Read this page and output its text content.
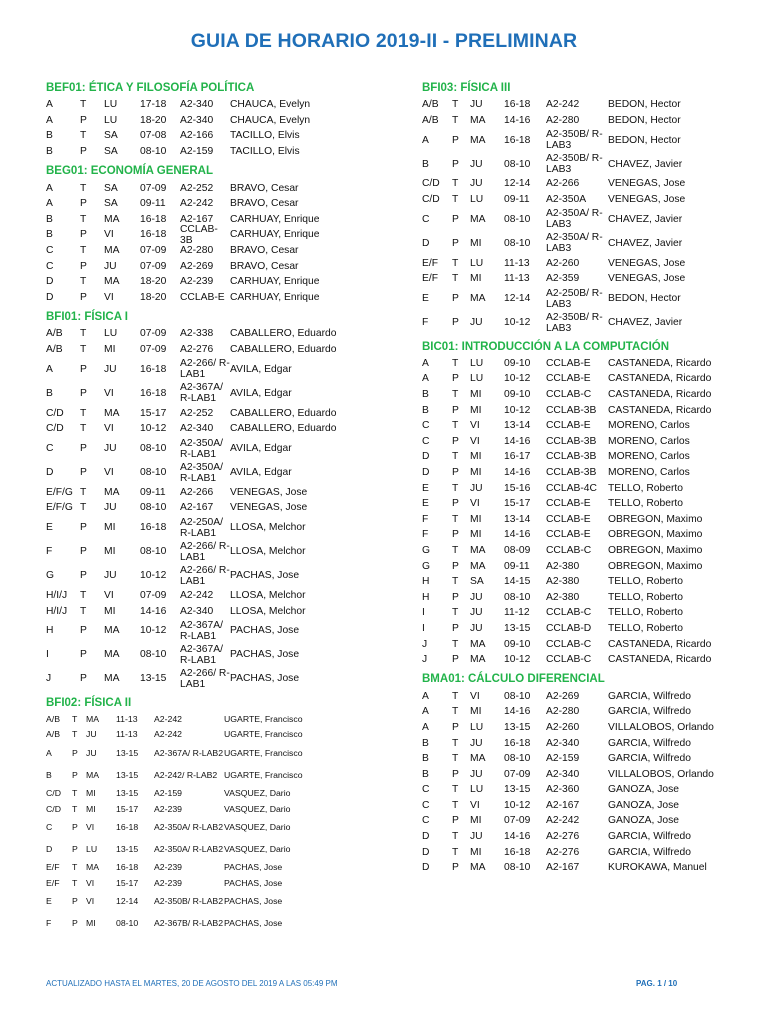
GUIA DE HORARIO 2019-II - PRELIMINAR
BEF01: ÉTICA Y FILOSOFÍA POLÍTICA
A	T	LU	17-18	A2-340	CHAUCA, Evelyn
A	P	LU	18-20	A2-340	CHAUCA, Evelyn
B	T	SA	07-08	A2-166	TACILLO, Elvis
B	P	SA	08-10	A2-159	TACILLO, Elvis
BEG01: ECONOMÍA GENERAL
A	T	SA	07-09	A2-252	BRAVO, Cesar
A	P	SA	09-11	A2-242	BRAVO, Cesar
B	T	MA	16-18	A2-167	CARHUAY, Enrique
B	P	VI	16-18	CCLAB-3B	CARHUAY, Enrique
C	T	MA	07-09	A2-280	BRAVO, Cesar
C	P	JU	07-09	A2-269	BRAVO, Cesar
D	T	MA	18-20	A2-239	CARHUAY, Enrique
D	P	VI	18-20	CCLAB-E CARHUAY, Enrique
BFI01: FÍSICA I
A/B	T	LU	07-09	A2-338	CABALLERO, Eduardo
A/B	T	MI	07-09	A2-276	CABALLERO, Eduardo
A	P	JU	16-18	A2-266/ R-LAB1	AVILA, Edgar
B	P	VI	16-18	A2-367A/ R-LAB1	AVILA, Edgar
C/D	T	MA	15-17	A2-252	CABALLERO, Eduardo
C/D	T	VI	10-12	A2-340	CABALLERO, Eduardo
C	P	JU	08-10	A2-350A/ R-LAB1	AVILA, Edgar
D	P	VI	08-10	A2-350A/ R-LAB1	AVILA, Edgar
E/F/G T	MA	09-11	A2-266	VENEGAS, Jose
E/F/G T	JU	08-10	A2-167	VENEGAS, Jose
E	P	MI	16-18	A2-250A/ R-LAB1	LLOSA, Melchor
F	P	MI	08-10	A2-266/ R-LAB1	LLOSA, Melchor
G	P	JU	10-12	A2-266/ R-LAB1	PACHAS, Jose
H/I/J	T	VI	07-09	A2-242	LLOSA, Melchor
H/I/J	T	MI	14-16	A2-340	LLOSA, Melchor
H	P	MA	10-12	A2-367A/ R-LAB1	PACHAS, Jose
I	P	MA	08-10	A2-367A/ R-LAB1	PACHAS, Jose
J	P	MA	13-15	A2-266/ R-LAB1	PACHAS, Jose
BFI02: FÍSICA II
A/B	T MA	11-13	A2-242	UGARTE, Francisco
A/B	T JU	11-13	A2-242	UGARTE, Francisco
A	P JU	13-15	A2-367A/ R-LAB2 UGARTE, Francisco
B	P MA	13-15	A2-242/ R-LAB2 UGARTE, Francisco
C/D	T MI	13-15	A2-159	VASQUEZ, Dario
C/D	T MI	15-17	A2-239	VASQUEZ, Dario
C	P VI	16-18	A2-350A/ R-LAB2 VASQUEZ, Dario
D	P LU	13-15	A2-350A/ R-LAB2 VASQUEZ, Dario
E/F	T MA	16-18	A2-239	PACHAS, Jose
E/F	T VI	15-17	A2-239	PACHAS, Jose
E	P VI	12-14	A2-350B/ R-LAB2 PACHAS, Jose
F	P MI	08-10	A2-367B/ R-LAB2 PACHAS, Jose
BFI03: FÍSICA III
A/B	T	JU	16-18	A2-242	BEDON, Hector
A/B	T	MA	14-16	A2-280	BEDON, Hector
A	P	MA	16-18	A2-350B/ R-LAB3	BEDON, Hector
B	P	JU	08-10	A2-350B/ R-LAB3	CHAVEZ, Javier
C/D	T	JU	12-14	A2-266	VENEGAS, Jose
C/D	T	LU	09-11	A2-350A	VENEGAS, Jose
C	P	MA	08-10	A2-350A/ R-LAB3	CHAVEZ, Javier
D	P	MI	08-10	A2-350A/ R-LAB3	CHAVEZ, Javier
E/F	T	LU	11-13	A2-260	VENEGAS, Jose
E/F	T	MI	11-13	A2-359	VENEGAS, Jose
E	P	MA	12-14	A2-250B/ R-LAB3	BEDON, Hector
F	P	JU	10-12	A2-350B/ R-LAB3	CHAVEZ, Javier
BIC01: INTRODUCCIÓN A LA COMPUTACIÓN
A	T	LU	09-10	CCLAB-E	CASTAÑEDA, Ricardo
A	P	LU	10-12	CCLAB-E	CASTAÑEDA, Ricardo
B	T	MI	09-10	CCLAB-C	CASTAÑEDA, Ricardo
B	P	MI	10-12	CCLAB-3B	CASTAÑEDA, Ricardo
C	T	VI	13-14	CCLAB-E	MORENO, Carlos
C	P	VI	14-16	CCLAB-3B	MORENO, Carlos
D	T	MI	16-17	CCLAB-3B	MORENO, Carlos
D	P	MI	14-16	CCLAB-3B	MORENO, Carlos
E	T	JU	15-16	CCLAB-4C	TELLO, Roberto
E	P	VI	15-17	CCLAB-E	TELLO, Roberto
F	T	MI	13-14	CCLAB-E	OBREGON, Maximo
F	P	MI	14-16	CCLAB-E	OBREGON, Maximo
G	T	MA	08-09	CCLAB-C	OBREGON, Maximo
G	P	MA	09-11	A2-380	OBREGON, Maximo
H	T	SA	14-15	A2-380	TELLO, Roberto
H	P	JU	08-10	A2-380	TELLO, Roberto
I	T	JU	11-12	CCLAB-C	TELLO, Roberto
I	P	JU	13-15	CCLAB-D	TELLO, Roberto
J	T	MA	09-10	CCLAB-C	CASTAÑEDA, Ricardo
J	P	MA	10-12	CCLAB-C	CASTAÑEDA, Ricardo
BMA01: CÁLCULO DIFERENCIAL
A	T	VI	08-10	A2-269	GARCIA, Wilfredo
A	T	MI	14-16	A2-280	GARCIA, Wilfredo
A	P	LU	13-15	A2-260	VILLALOBOS, Orlando
B	T	JU	16-18	A2-340	GARCIA, Wilfredo
B	T	MA	08-10	A2-159	GARCIA, Wilfredo
B	P	JU	07-09	A2-340	VILLALOBOS, Orlando
C	T	LU	13-15	A2-360	GANOZA, Jose
C	T	VI	10-12	A2-167	GANOZA, Jose
C	P	MI	07-09	A2-242	GANOZA, Jose
D	T	JU	14-16	A2-276	GARCIA, Wilfredo
D	T	MI	16-18	A2-276	GARCIA, Wilfredo
D	P	MA	08-10	A2-167	KUROKAWA, Manuel
ACTUALIZADO HASTA EL MARTES, 20 DE AGOSTO DEL 2019 A LAS 05:49 PM	PAG. 1 / 10
